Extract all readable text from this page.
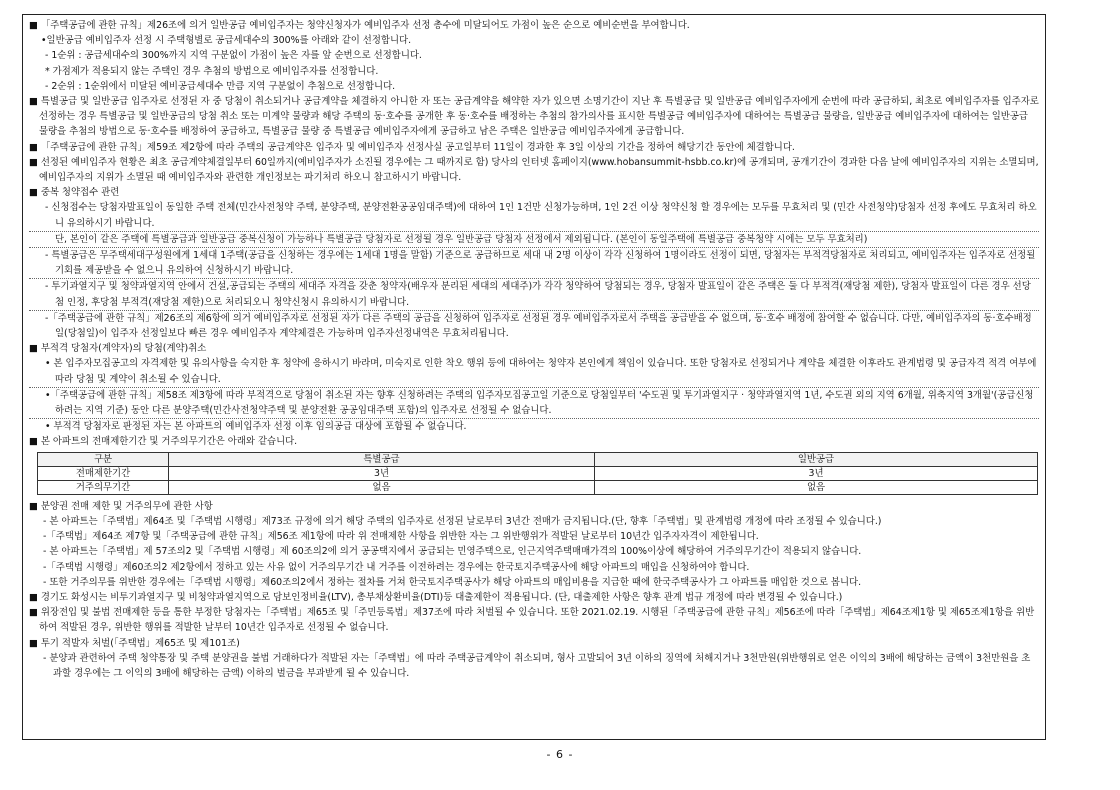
■ 「주택공급에 관한 규칙」제26조에 의거 일반공급 예비입주자는 청약신청자가 예비입주자 선정 총수에 미달되어도 가점이 높은 순으로 예비순번을 부여합니다.
•일반공급 예비입주자 선정 시 주택형별로 공급세대수의 300%를 아래와 같이 선정합니다.
- 1순위 : 공급세대수의 300%까지 지역 구분없이 가점이 높은 자를 앞 순번으로 선정합니다.
* 가점제가 적용되지 않는 주택인 경우 추첨의 방법으로 예비입주자를 선정합니다.
- 2순위 : 1순위에서 미달된 예비공급세대수 만큼 지역 구분없이 추첨으로 선정합니다.
■ 특별공급 및 일반공급 입주자로 선정된 자 중 당첨이 취소되거나 공급계약을 체결하지 아니한 자 또는 공급계약을 해약한 자가 있으면 소명기간이 지난 후 특별공급 및 일반공급 예비입주자에게 순번에 따라 공급하되, 최초로 예비입주자를 입주자로 선정하는 경우 특별공급 및 일반공급의 당첨 취소 또는 미계약 물량과 해당 주택의 동·호수를 공개한 후 동·호수를 배정하는 추첨의 참가의사를 표시한 특별공급 예비입주자에 대하여는 특별공급 물량을, 일반공급 예비입주자에 대하여는 일반공급 물량을 추첨의 방법으로 동·호수를 배정하여 공급하고, 특별공급 물량 중 특별공급 예비입주자에게 공급하고 남은 주택은 일반공급 예비입주자에게 공급합니다.
■ 「주택공급에 관한 규칙」제59조 제2항에 따라 주택의 공급계약은 입주자 및 예비입주자 선정사실 공고일부터 11일이 경과한 후 3일 이상의 기간을 정하여 해당기간 동안에 체결합니다.
■ 선정된 예비입주자 현황은 최초 공급계약체결일부터 60일까지(예비입주자가 소진될 경우에는 그 때까지로 함) 당사의 인터넷 홈페이지(www.hobansummit-hsbb.co.kr)에 공개되며, 공개기간이 경과한 다음 날에 예비입주자의 지위는 소멸되며, 예비입주자의 지위가 소멸된 때 예비입주자와 관련한 개인정보는 파기처리 하오니 참고하시기 바랍니다.
■ 중복 청약접수 관련
- 신청접수는 당첨자발표일이 동일한 주택 전체(민간사전청약 주택, 분양주택, 분양전환공공임대주택)에 대하여 1인 1건만 신청가능하며, 1인 2건 이상 청약신청 할 경우에는 모두를 무효처리 및 (민간 사전청약)당첨자 선정 후에도 무효처리 하오니 유의하시기 바랍니다.
단, 본인이 같은 주택에 특별공급과 일반공급 중복신청이 가능하나 특별공급 당첨자로 선정될 경우 일반공급 당첨자 선정에서 제외됩니다. (본인이 동일주택에 특별공급 중복청약 시에는 모두 무효처리)
- 특별공급은 무주택세대구성원에게 1세대 1주택(공급을 신청하는 경우에는 1세대 1명을 말함) 기준으로 공급하므로 세대 내 2명 이상이 각각 신청하여 1명이라도 선정이 되면, 당첨자는 부적격당첨자로 처리되고, 예비입주자는 입주자로 선정될 기회를 제공받을 수 없으니 유의하여 신청하시기 바랍니다.
- 투기과열지구 및 청약과열지역 안에서 건설,공급되는 주택의 세대주 자격을 갖춘 청약자(배우자 분리된 세대의 세대주)가 각각 청약하여 당첨되는 경우, 당첨자 발표일이 같은 주택은 둘 다 부적격(재당첨 제한), 당첨자 발표일이 다른 경우 선당첨 인정, 후당첨 부적격(재당첨 제한)으로 처리되오니 청약신청시 유의하시기 바랍니다.
-「주택공급에 관한 규칙」제26조의 제6항에 의거 예비입주자로 선정된 자가 다른 주택의 공급을 신청하여 입주자로 선정된 경우 예비입주자로서 주택을 공급받을 수 없으며, 동·호수 배정에 참여할 수 없습니다. 다만, 예비입주자의 동·호수배정일(당첨일)이 입주자 선정일보다 빠른 경우 예비입주자 계약체결은 가능하며 입주자선정내역은 무효처리됩니다.
■ 부적격 당첨자(계약자)의 당첨(계약)취소
• 본 입주자모집공고의 자격제한 및 유의사항을 숙지한 후 청약에 응하시기 바라며, 미숙지로 인한 착오 행위 등에 대하여는 청약자 본인에게 책임이 있습니다. 또한 당첨자로 선정되거나 계약을 체결한 이후라도 관계법령 및 공급자격 적격 여부에 따라 당첨 및 계약이 취소될 수 있습니다.
•「주택공급에 관한 규칙」제58조 제3항에 따라 부적격으로 당첨이 취소된 자는 향후 신청하려는 주택의 입주자모집공고일 기준으로 당첨일부터 '수도권 및 투기과열지구 · 청약과열지역 1년, 수도권 외의 지역 6개월, 위축지역 3개월'(공급신청하려는 지역 기준) 동안 다른 분양주택(민간사전청약주택 및 분양전환 공공임대주택 포함)의 입주자로 선정될 수 없습니다.
• 부적격 당첨자로 판정된 자는 본 아파트의 예비입주자 선정 이후 임의공급 대상에 포함될 수 없습니다.
■ 본 아파트의 전매제한기간 및 거주의무기간은 아래와 같습니다.
구분	특별공급	일반공급
전매제한기간	3년	3년
거주의무기간	없음	없음
■ 분양권 전매 제한 및 거주의무에 관한 사항
- 본 아파트는「주택법」제64조 및「주택법 시행령」제73조 규정에 의거 해당 주택의 입주자로 선정된 날로부터 3년간 전매가 금지됩니다.(단, 향후「주택법」및 관계법령 개정에 따라 조정될 수 있습니다.)
-「주택법」제64조 제7항 및「주택공급에 관한 규칙」제56조 제1항에 따라 위 전매제한 사항을 위반한 자는 그 위반행위가 적발된 날로부터 10년간 입주자자격이 제한됩니다.
- 본 아파트는「주택법」제 57조의2 및「주택법 시행령」제 60조의2에 의거 공공택지에서 공급되는 민영주택으로, 인근지역주택매매가격의 100%이상에 해당하여 거주의무기간이 적용되지 않습니다.
-「주택법 시행령」제60조의2 제2항에서 정하고 있는 사유 없이 거주의무기간 내 거주를 이전하려는 경우에는 한국토지주택공사에 해당 아파트의 매입을 신청하여야 합니다.
- 또한 거주의무를 위반한 경우에는「주택법 시행령」제60조의2에서 정하는 절차를 거쳐 한국토지주택공사가 해당 아파트의 매입비용을 지급한 때에 한국주택공사가 그 아파트를 매입한 것으로 봅니다.
■ 경기도 화성시는 비투기과열지구 및 비청약과열지역으로 담보인정비율(LTV), 총부채상환비율(DTI)등 대출제한이 적용됩니다. (단, 대출제한 사항은 향후 관계 법규 개정에 따라 변경될 수 있습니다.)
■ 위장전입 및 불법 전매제한 등을 통한 부정한 당첨자는「주택법」제65조 및「주민등록법」제37조에 따라 처벌될 수 있습니다. 또한 2021.02.19. 시행된「주택공급에 관한 규칙」제56조에 따라「주택법」제64조제1항 및 제65조제1항을 위반하여 적발된 경우, 위반한 행위를 적발한 날부터 10년간 입주자로 선정될 수 없습니다.
■ 투기 적발자 처벌(「주택법」제65조 및 제101조)
- 분양과 관련하여 주택 청약통장 및 주택 분양권을 불법 거래하다가 적발된 자는「주택법」에 따라 주택공급계약이 취소되며, 형사 고발되어 3년 이하의 징역에 처해지거나 3천만원(위반행위로 얻은 이익의 3배에 해당하는 금액이 3천만원을 초과할 경우에는 그 이익의 3배에 해당하는 금액) 이하의 벌금을 부과받게 될 수 있습니다.
- 6 -
